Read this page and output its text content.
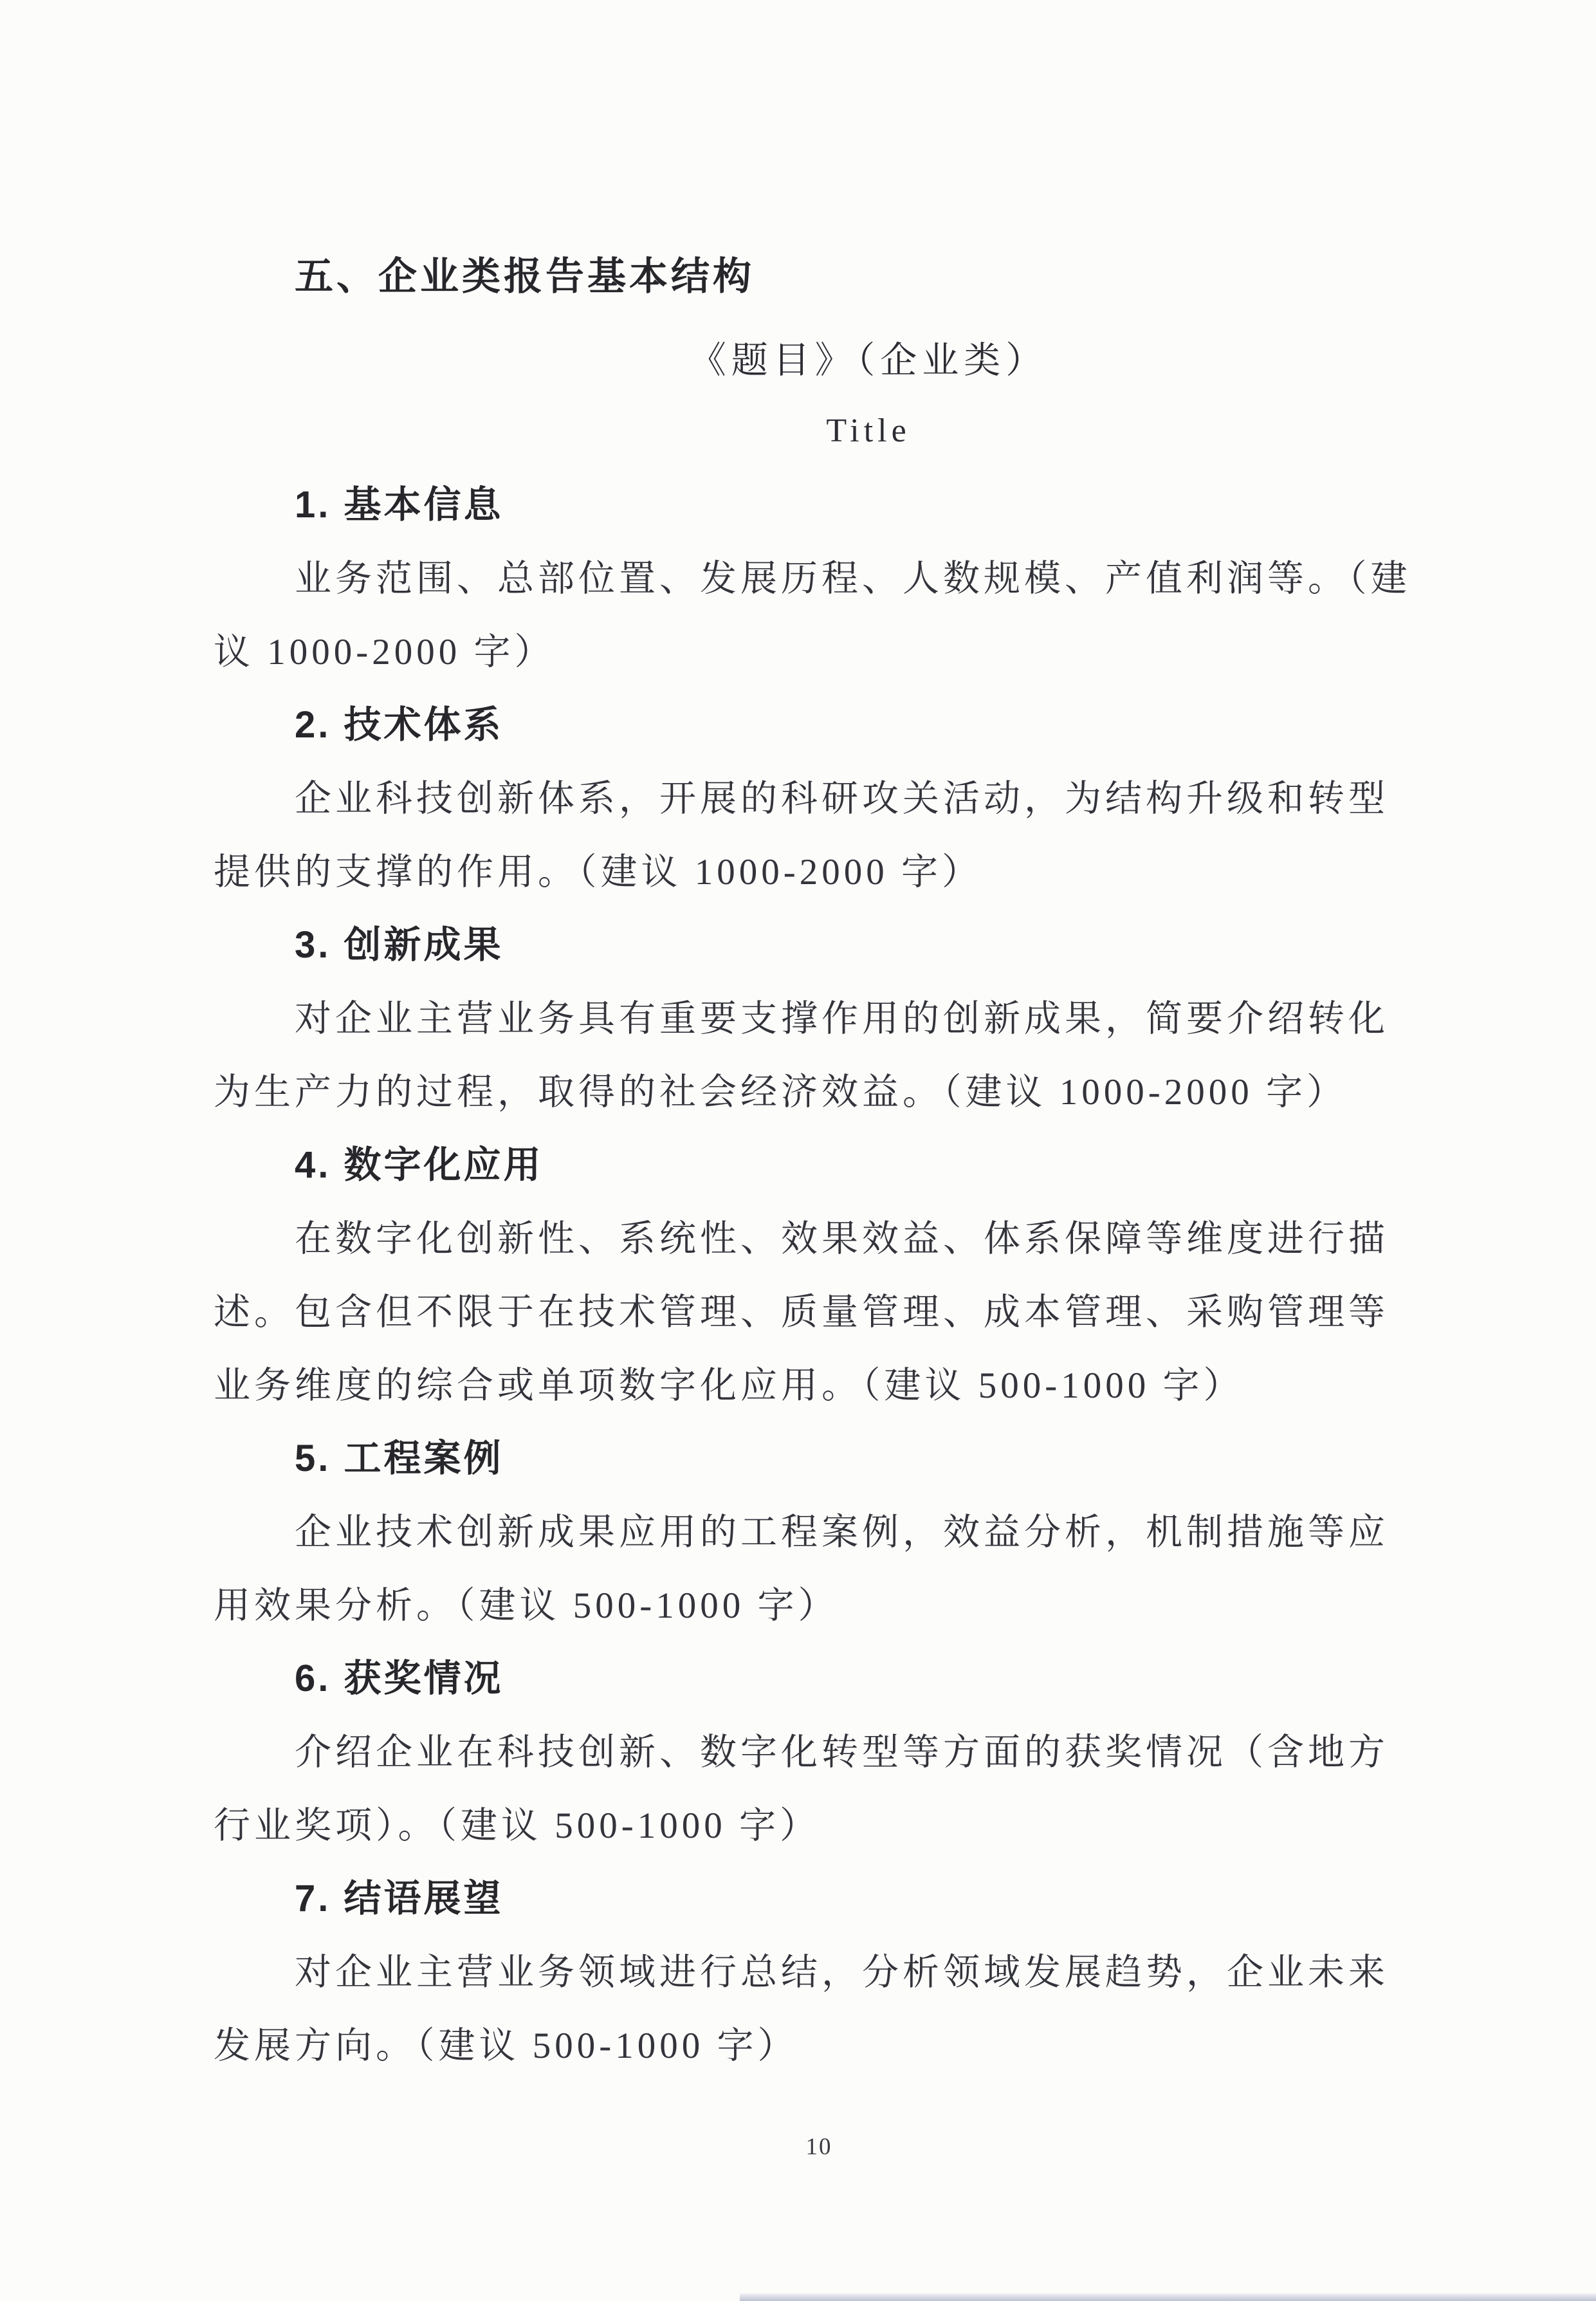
五、企业类报告基本结构
《题目》（企业类）
Title
1. 基本信息
业务范围、总部位置、发展历程、人数规模、产值利润等。（建
议 1000-2000 字）
2. 技术体系
企业科技创新体系，开展的科研攻关活动，为结构升级和转型
提供的支撑的作用。（建议 1000-2000 字）
3. 创新成果
对企业主营业务具有重要支撑作用的创新成果，简要介绍转化
为生产力的过程，取得的社会经济效益。（建议 1000-2000 字）
4. 数字化应用
在数字化创新性、系统性、效果效益、体系保障等维度进行描
述。包含但不限于在技术管理、质量管理、成本管理、采购管理等
业务维度的综合或单项数字化应用。（建议 500-1000 字）
5. 工程案例
企业技术创新成果应用的工程案例，效益分析，机制措施等应
用效果分析。（建议 500-1000 字）
6. 获奖情况
介绍企业在科技创新、数字化转型等方面的获奖情况（含地方
行业奖项）。（建议 500-1000 字）
7. 结语展望
对企业主营业务领域进行总结，分析领域发展趋势，企业未来
发展方向。（建议 500-1000 字）
10
